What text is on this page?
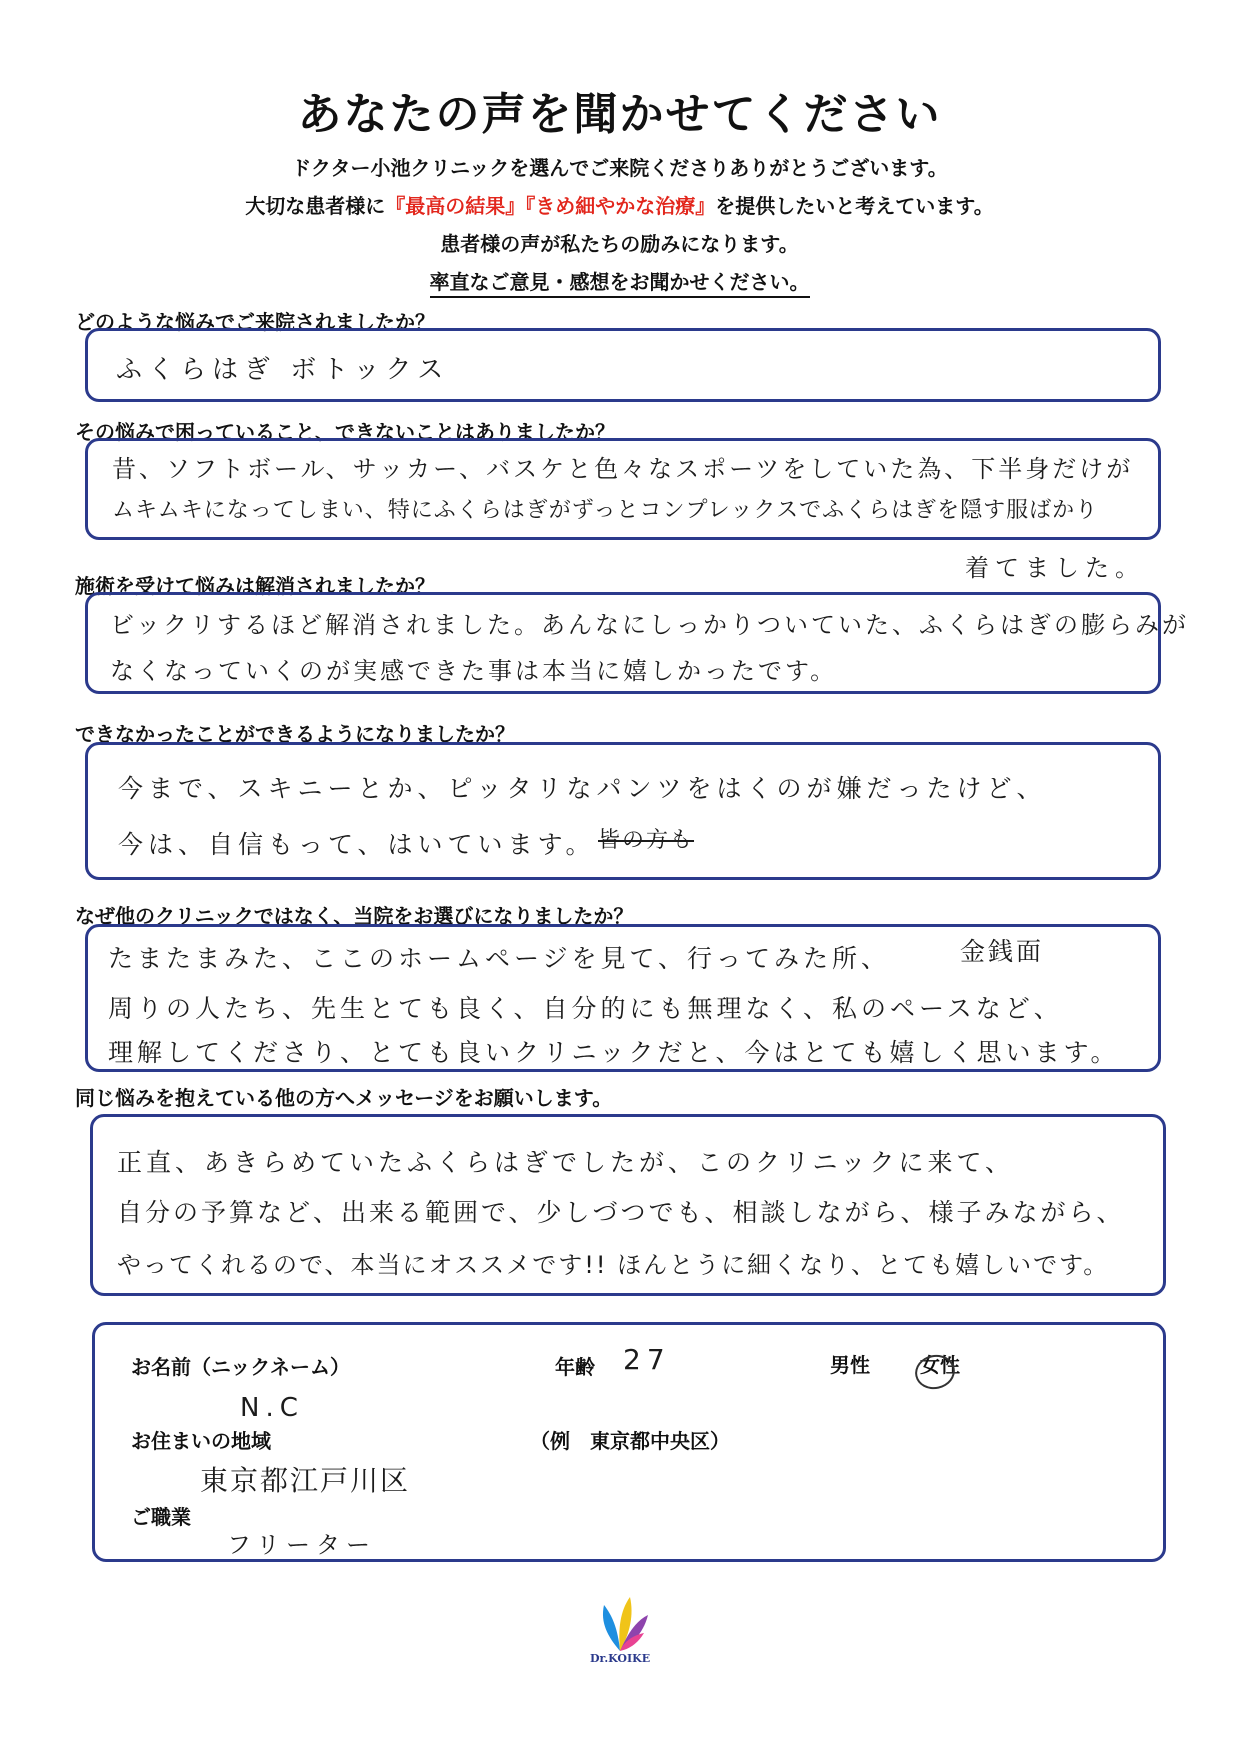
あなたの声を聞かせてください
ドクター小池クリニックを選んでご来院くださりありがとうございます。
大切な患者様に『最高の結果』『きめ細やかな治療』を提供したいと考えています。
患者様の声が私たちの励みになります。
率直なご意見・感想をお聞かせください。
どのような悩みでご来院されましたか？
ふくらはぎ ボトックス
その悩みで困っていること、できないことはありましたか？
昔、ソフトボール、サッカー、バスケと色々なスポーツをしていた為、下半身だけが
ムキムキになってしまい、特にふくらはぎがずっとコンプレックスでふくらはぎを隠す服ばかり
着てました。
施術を受けて悩みは解消されましたか？
ビックリするほど解消されました。あんなにしっかりついていた、ふくらはぎの膨らみが
なくなっていくのが実感できた事は本当に嬉しかったです。
できなかったことができるようになりましたか？
今まで、スキニーとか、ピッタリなパンツをはくのが嫌だったけど、
今は、自信もって、はいています。 皆の方も
なぜ他のクリニックではなく、当院をお選びになりましたか？
たまたまみた、ここのホームページを見て、行ってみた所、
周りの人たち、先生とても良く、自分的にも無理なく、私のペースなど、
理解してくださり、とても良いクリニックだと、今はとても嬉しく思います。
金銭面
同じ悩みを抱えている他の方へメッセージをお願いします。
正直、あきらめていたふくらはぎでしたが、このクリニックに来て、
自分の予算など、出来る範囲で、少しづつでも、相談しながら、様子みながら、
やってくれるので、本当にオススメです!! ほんとうに細くなり、とても嬉しいです。
お名前（ニックネーム）
N.C
年齢 27	男性	女性
お住まいの地域	（例　東京都中央区）
東京都江戸川区
ご職業
フリーター
Dr.KOIKE
